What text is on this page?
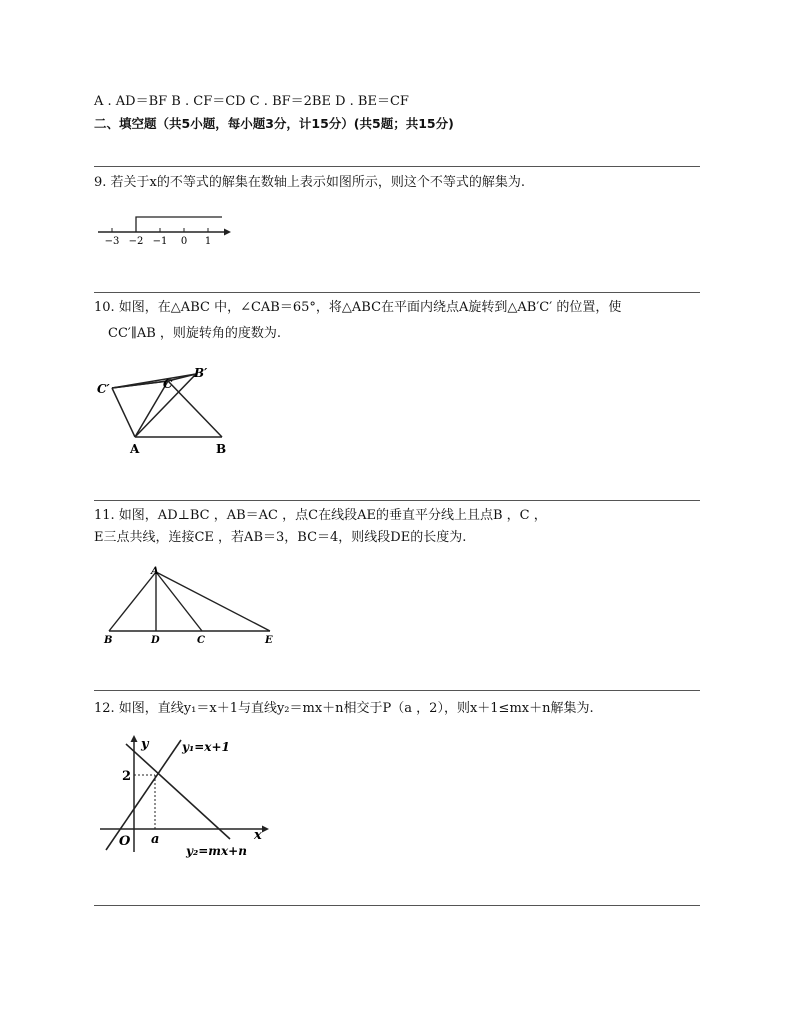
A . AD＝BF B . CF＝CD C . BF＝2BE D . BE＝CF
二、填空题（共5小题，每小题3分，计15分）(共5题；共15分)
9. 若关于x的不等式的解集在数轴上表示如图所示，则这个不等式的解集为.
−3 −2 −1 0 1
10. 如图，在△ABC 中，∠CAB＝65°，将△ABC在平面内绕点A旋转到△AB′C′ 的位置，使
CC′∥AB ，则旋转角的度数为.
C′	C
B′
A	B
11. 如图，AD⊥BC ，AB＝AC ，点C在线段AE的垂直平分线上且点B ，C ，
E三点共线，连接CE ，若AB＝3，BC＝4，则线段DE的长度为.
A
B	D	C	E
12. 如图，直线y₁＝x＋1与直线y₂＝mx＋n相交于P（a ，2），则x＋1≤mx＋n解集为.
y
x
O
2
a
y₁=x+1
y₂=mx+n
